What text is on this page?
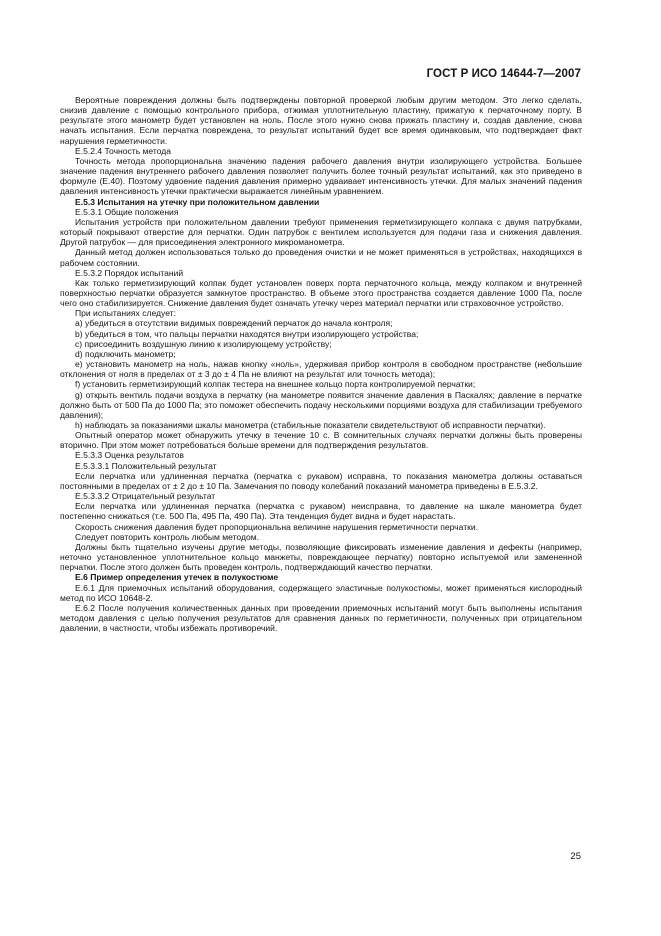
ГОСТ Р ИСО 14644-7—2007

Вероятные повреждения должны быть подтверждены повторной проверкой любым другим методом. Это легко сделать, снизив давление с помощью контрольного прибора, отжимая уплотнительную пластину, прижатую к перчаточному порту. В результате этого манометр будет установлен на ноль. После этого нужно снова прижать пластину и, создав давление, снова начать испытания. Если перчатка повреждена, то результат испытаний будет все время одинаковым, что подтверждает факт нарушения герметичности.

Е.5.2.4 Точность метода

Точность метода пропорциональна значению падения рабочего давления внутри изолирующего устройства. Большее значение падения внутреннего рабочего давления позволяет получить более точный результат испытаний, как это приведено в формуле (Е.40). Поэтому удвоение падения давления примерно удваивает интенсивность утечки. Для малых значений падения давления интенсивность утечки практически выражается линейным уравнением.

Е.5.3 Испытания на утечку при положительном давлении

Е.5.3.1 Общие положения

Испытания устройств при положительном давлении требуют применения герметизирующего колпака с двумя патрубками, который покрывают отверстие для перчатки. Один патрубок с вентилем используется для подачи газа и снижения давления. Другой патрубок — для присоединения электронного микроманометра.

Данный метод должен использоваться только до проведения очистки и не может применяться в устройствах, находящихся в рабочем состоянии.

Е.5.3.2 Порядок испытаний

Как только герметизирующий колпак будет установлен поверх порта перчаточного кольца, между колпаком и внутренней поверхностью перчатки образуется замкнутое пространство. В объеме этого пространства создается давление 1000 Па, после чего оно стабилизируется. Снижение давления будет означать утечку через материал перчатки или страховочное устройство.

При испытаниях следует:

a) убедиться в отсутствии видимых повреждений перчаток до начала контроля;

b) убедиться в том, что пальцы перчатки находятся внутри изолирующего устройства;

c) присоединить воздушную линию к изолирующему устройству;

d) подключить манометр;

e) установить манометр на ноль, нажав кнопку «ноль», удерживая прибор контроля в свободном пространстве (небольшие отклонения от ноля в пределах от ± 3 до ± 4 Па не влияют на результат или точность метода);

f) установить герметизирующий колпак тестера на внешнее кольцо порта контролируемой перчатки;

g) открыть вентиль подачи воздуха в перчатку (на манометре появится значение давления в Паскалях; давление в перчатке должно быть от 500 Па до 1000 Па; это поможет обеспечить подачу несколькими порциями воздуха для стабилизации требуемого давления);

h) наблюдать за показаниями шкалы манометра (стабильные показатели свидетельствуют об исправности перчатки).

Опытный оператор может обнаружить утечку в течение 10 с. В сомнительных случаях перчатки должны быть проверены вторично. При этом может потребоваться больше времени для подтверждения результатов.

Е.5.3.3 Оценка результатов

Е.5.3.3.1 Положительный результат

Если перчатка или удлиненная перчатка (перчатка с рукавом) исправна, то показания манометра должны оставаться постоянными в пределах от ± 2 до ± 10 Па. Замечания по поводу колебаний показаний манометра приведены в Е.5.3.2.

Е.5.3.3.2 Отрицательный результат

Если перчатка или удлиненная перчатка (перчатка с рукавом) неисправна, то давление на шкале манометра будет постепенно снижаться (т.е. 500 Па, 495 Па, 490 Па). Эта тенденция будет видна и будет нарастать.

Скорость снижения давления будет пропорциональна величине нарушения герметичности перчатки.

Следует повторить контроль любым методом.

Должны быть тщательно изучены другие методы, позволяющие фиксировать изменение давления и дефекты (например, неточно установленное уплотнительное кольцо манжеты, повреждающее перчатку) повторно испытуемой или замененной перчатки. После этого должен быть проведен контроль, подтверждающий качество перчатки.

Е.6 Пример определения утечек в полукостюме

Е.6.1 Для приемочных испытаний оборудования, содержащего эластичные полукостюмы, может применяться кислородный метод по ИСО 10648-2.

Е.6.2 После получения количественных данных при проведении приемочных испытаний могут быть выполнены испытания методом давления с целью получения результатов для сравнения данных по герметичности, полученных при отрицательном давлении, в частности, чтобы избежать противоречий.

25
